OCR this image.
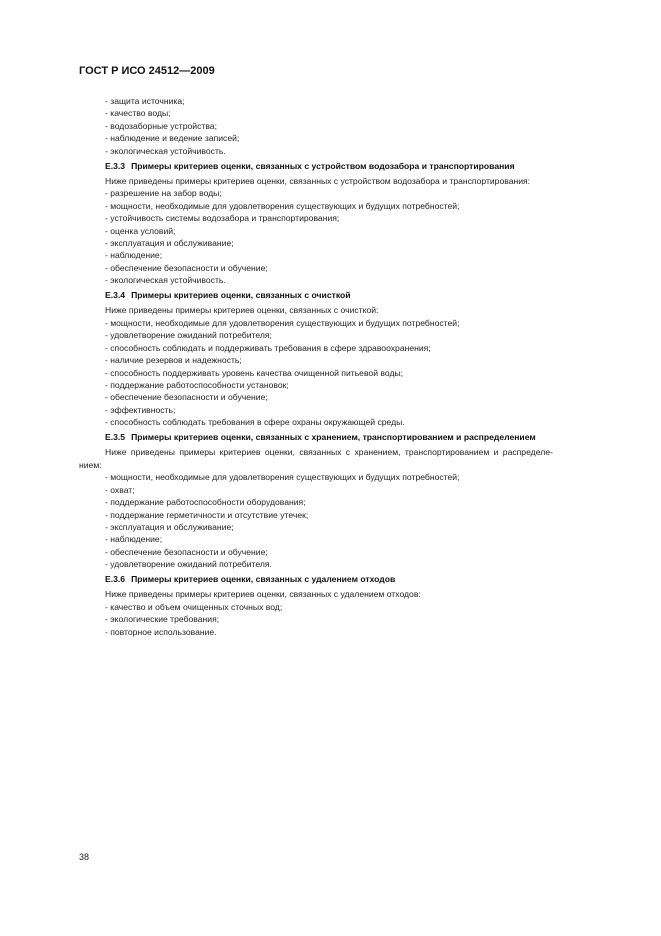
ГОСТ Р ИСО 24512—2009
- защита источника;
- качество воды;
- водозаборные устройства;
- наблюдение и ведение записей;
- экологическая устойчивость.
Е.3.3 Примеры критериев оценки, связанных с устройством водозабора и транспортирования
Ниже приведены примеры критериев оценки, связанных с устройством водозабора и транспортирования:
- разрешение на забор воды;
- мощности, необходимые для удовлетворения существующих и будущих потребностей;
- устойчивость системы водозабора и транспортирования;
- оценка условий;
- эксплуатация и обслуживание;
- наблюдение;
- обеспечение безопасности и обучение;
- экологическая устойчивость.
Е.3.4 Примеры критериев оценки, связанных с очисткой
Ниже приведены примеры критериев оценки, связанных с очисткой:
- мощности, необходимые для удовлетворения существующих и будущих потребностей;
- удовлетворение ожиданий потребителя;
- способность соблюдать и поддерживать требования в сфере здравоохранения;
- наличие резервов и надежность;
- способность поддерживать уровень качества очищенной питьевой воды;
- поддержание работоспособности установок;
- обеспечение безопасности и обучение;
- эффективность;
- способность соблюдать требования в сфере охраны окружающей среды.
Е.3.5 Примеры критериев оценки, связанных с хранением, транспортированием и распределением
Ниже приведены примеры критериев оценки, связанных с хранением, транспортированием и распределе-
нием:
- мощности, необходимые для удовлетворения существующих и будущих потребностей;
- охват;
- поддержание работоспособности оборудования;
- поддержание герметичности и отсутствие утечек;
- эксплуатация и обслуживание;
- наблюдение;
- обеспечение безопасности и обучение;
- удовлетворение ожиданий потребителя.
Е.3.6 Примеры критериев оценки, связанных с удалением отходов
Ниже приведены примеры критериев оценки, связанных с удалением отходов:
- качество и объем очищенных сточных вод;
- экологические требования;
- повторное использование.
38
